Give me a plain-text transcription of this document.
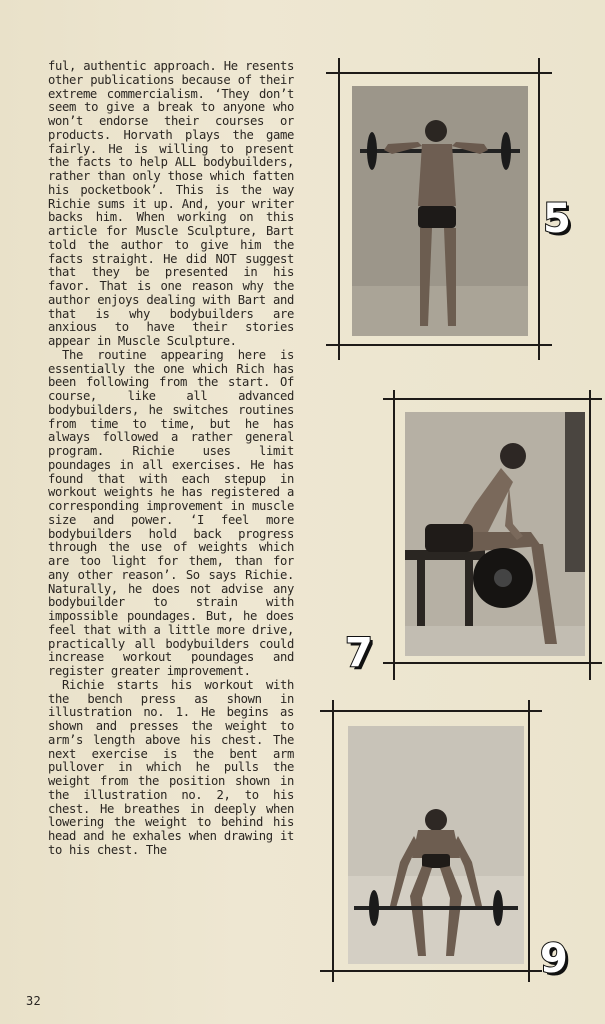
ful, authentic approach. He resents other publications because of their extreme commercialism. ‘They don’t seem to give a break to anyone who won’t endorse their courses or products. Horvath plays the game fairly. He is willing to present the facts to help ALL bodybuilders, rather than only those which fatten his pocketbook’. This is the way Richie sums it up. And, your writer backs him. When working on this article for Muscle Sculpture, Bart told the author to give him the facts straight. He did NOT suggest that they be presented in his favor. That is one reason why the author enjoys dealing with Bart and that is why bodybuilders are anxious to have their stories appear in Muscle Sculpture.

The routine appearing here is essentially the one which Rich has been following from the start. Of course, like all advanced bodybuilders, he switches routines from time to time, but he has always followed a rather general program. Richie uses limit poundages in all exercises. He has found that with each stepup in workout weights he has registered a corresponding improvement in muscle size and power. ‘I feel more bodybuilders hold back progress through the use of weights which are too light for them, than for any other reason’. So says Richie. Naturally, he does not advise any bodybuilder to strain with impossible poundages. But, he does feel that with a little more drive, practically all bodybuilders could increase workout poundages and register greater improvement.

Richie starts his workout with the bench press as shown in illustration no. 1. He begins as shown and presses the weight to arm’s length above his chest. The next exercise is the bent arm pullover in which he pulls the weight from the position shown in the illustration no. 2, to his chest. He breathes in deeply when lowering the weight to behind his head and he exhales when drawing it to his chest. The

5
7
9
32
